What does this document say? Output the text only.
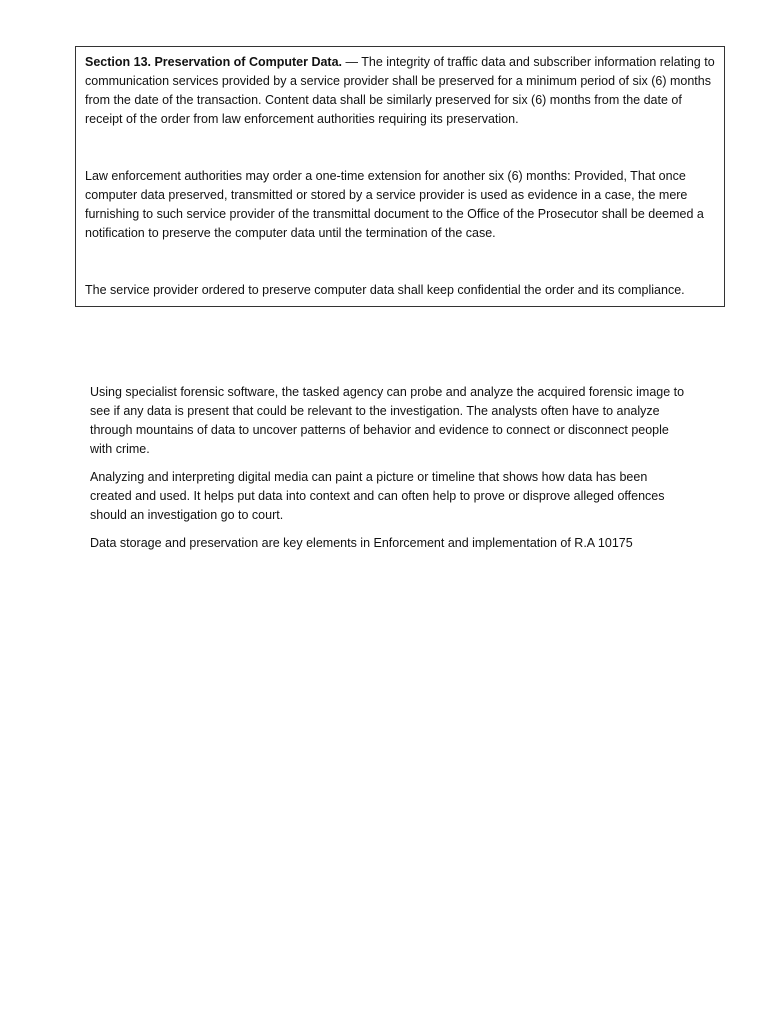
Section 13. Preservation of Computer Data. — The integrity of traffic data and subscriber information relating to communication services provided by a service provider shall be preserved for a minimum period of six (6) months from the date of the transaction. Content data shall be similarly preserved for six (6) months from the date of receipt of the order from law enforcement authorities requiring its preservation.

Law enforcement authorities may order a one-time extension for another six (6) months: Provided, That once computer data preserved, transmitted or stored by a service provider is used as evidence in a case, the mere furnishing to such service provider of the transmittal document to the Office of the Prosecutor shall be deemed a notification to preserve the computer data until the termination of the case.

The service provider ordered to preserve computer data shall keep confidential the order and its compliance.

Using specialist forensic software, the tasked agency can probe and analyze the acquired forensic image to see if any data is present that could be relevant to the investigation. The analysts often have to analyze through mountains of data to uncover patterns of behavior and evidence to connect or disconnect people with crime.

Analyzing and interpreting digital media can paint a picture or timeline that shows how data has been created and used. It helps put data into context and can often help to prove or disprove alleged offences should an investigation go to court.

Data storage and preservation are key elements in Enforcement and implementation of R.A 10175
